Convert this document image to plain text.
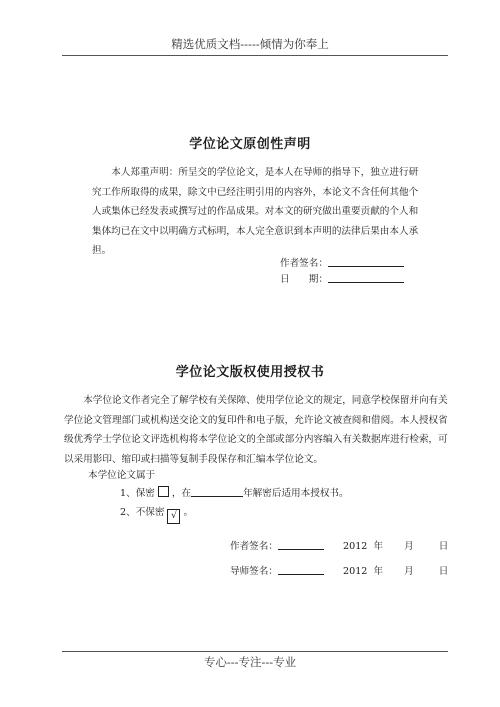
精选优质文档-----倾情为你奉上
学位论文原创性声明
本人郑重声明：所呈交的学位论文，是本人在导师的指导下，独立进行研究工作所取得的成果，除文中已经注明引用的内容外，本论文不含任何其他个人或集体已经发表或撰写过的作品成果。对本文的研究做出重要贡献的个人和集体均已在文中以明确方式标明，本人完全意识到本声明的法律后果由本人承担。
作者签名：
日　　期：
学位论文版权使用授权书
本学位论文作者完全了解学校有关保障、使用学位论文的规定，同意学校保留并向有关学位论文管理部门或机构送交论文的复印件和电子版，允许论文被查阅和借阅。本人授权省级优秀学士学位论文评选机构将本学位论文的全部或部分内容编入有关数据库进行检索，可以采用影印、缩印或扫描等复制手段保存和汇编本学位论文。
本学位论文属于
1、保密 ，在	年解密后适用本授权书。
2、不保密 √ 。
作者签名：	2012 年 月	日
导师签名：	2012 年 月	日
专心---专注---专业
